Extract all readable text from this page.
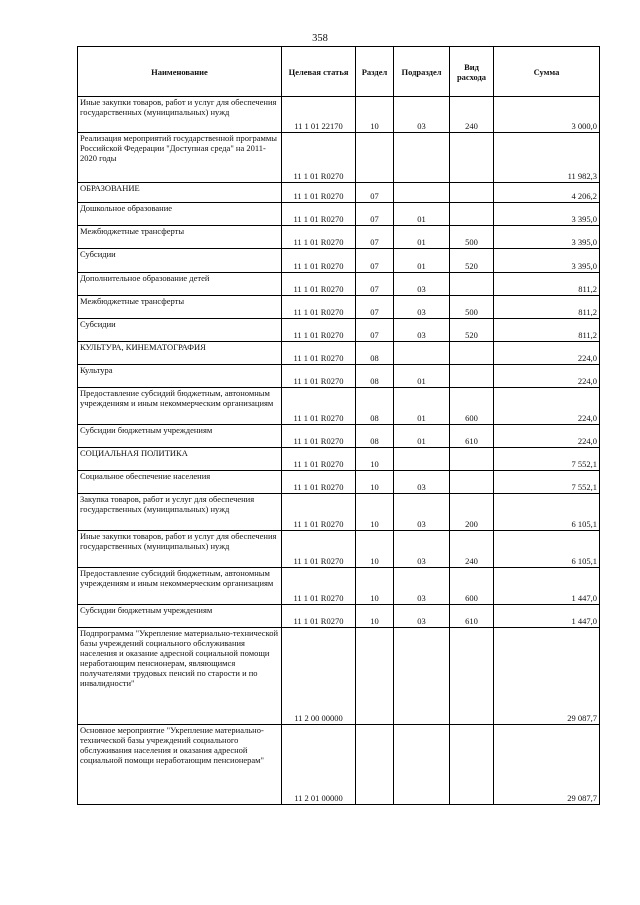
358
Наименование	Целевая статья	Раздел	Подраздел	Вид расхода	Сумма
Иные закупки товаров, работ и услуг для обеспечения государственных (муниципальных) нужд	11 1 01 22170	10	03	240	3 000,0
Реализация мероприятий государственной программы Российской Федерации "Доступная среда" на 2011-2020 годы	11 1 01 R0270				11 982,3
ОБРАЗОВАНИЕ	11 1 01 R0270	07			4 206,2
Дошкольное образование	11 1 01 R0270	07	01		3 395,0
Межбюджетные трансферты	11 1 01 R0270	07	01	500	3 395,0
Субсидии	11 1 01 R0270	07	01	520	3 395,0
Дополнительное образование детей	11 1 01 R0270	07	03		811,2
Межбюджетные трансферты	11 1 01 R0270	07	03	500	811,2
Субсидии	11 1 01 R0270	07	03	520	811,2
КУЛЬТУРА, КИНЕМАТОГРАФИЯ	11 1 01 R0270	08			224,0
Культура	11 1 01 R0270	08	01		224,0
Предоставление субсидий бюджетным, автономным учреждениям и иным некоммерческим организациям	11 1 01 R0270	08	01	600	224,0
Субсидии бюджетным учреждениям	11 1 01 R0270	08	01	610	224,0
СОЦИАЛЬНАЯ ПОЛИТИКА	11 1 01 R0270	10			7 552,1
Социальное обеспечение населения	11 1 01 R0270	10	03		7 552,1
Закупка товаров, работ и услуг для обеспечения государственных (муниципальных) нужд	11 1 01 R0270	10	03	200	6 105,1
Иные закупки товаров, работ и услуг для обеспечения государственных (муниципальных) нужд	11 1 01 R0270	10	03	240	6 105,1
Предоставление субсидий бюджетным, автономным учреждениям и иным некоммерческим организациям	11 1 01 R0270	10	03	600	1 447,0
Субсидии бюджетным учреждениям	11 1 01 R0270	10	03	610	1 447,0
Подпрограмма "Укрепление материально-технической базы учреждений социального обслуживания населения и оказание адресной социальной помощи неработающим пенсионерам, являющимся получателями трудовых пенсий по старости и по инвалидности"	11 2 00 00000				29 087,7
Основное мероприятие "Укрепление материально-технической базы учреждений социального обслуживания населения и оказания адресной социальной помощи неработающим пенсионерам"	11 2 01 00000				29 087,7
